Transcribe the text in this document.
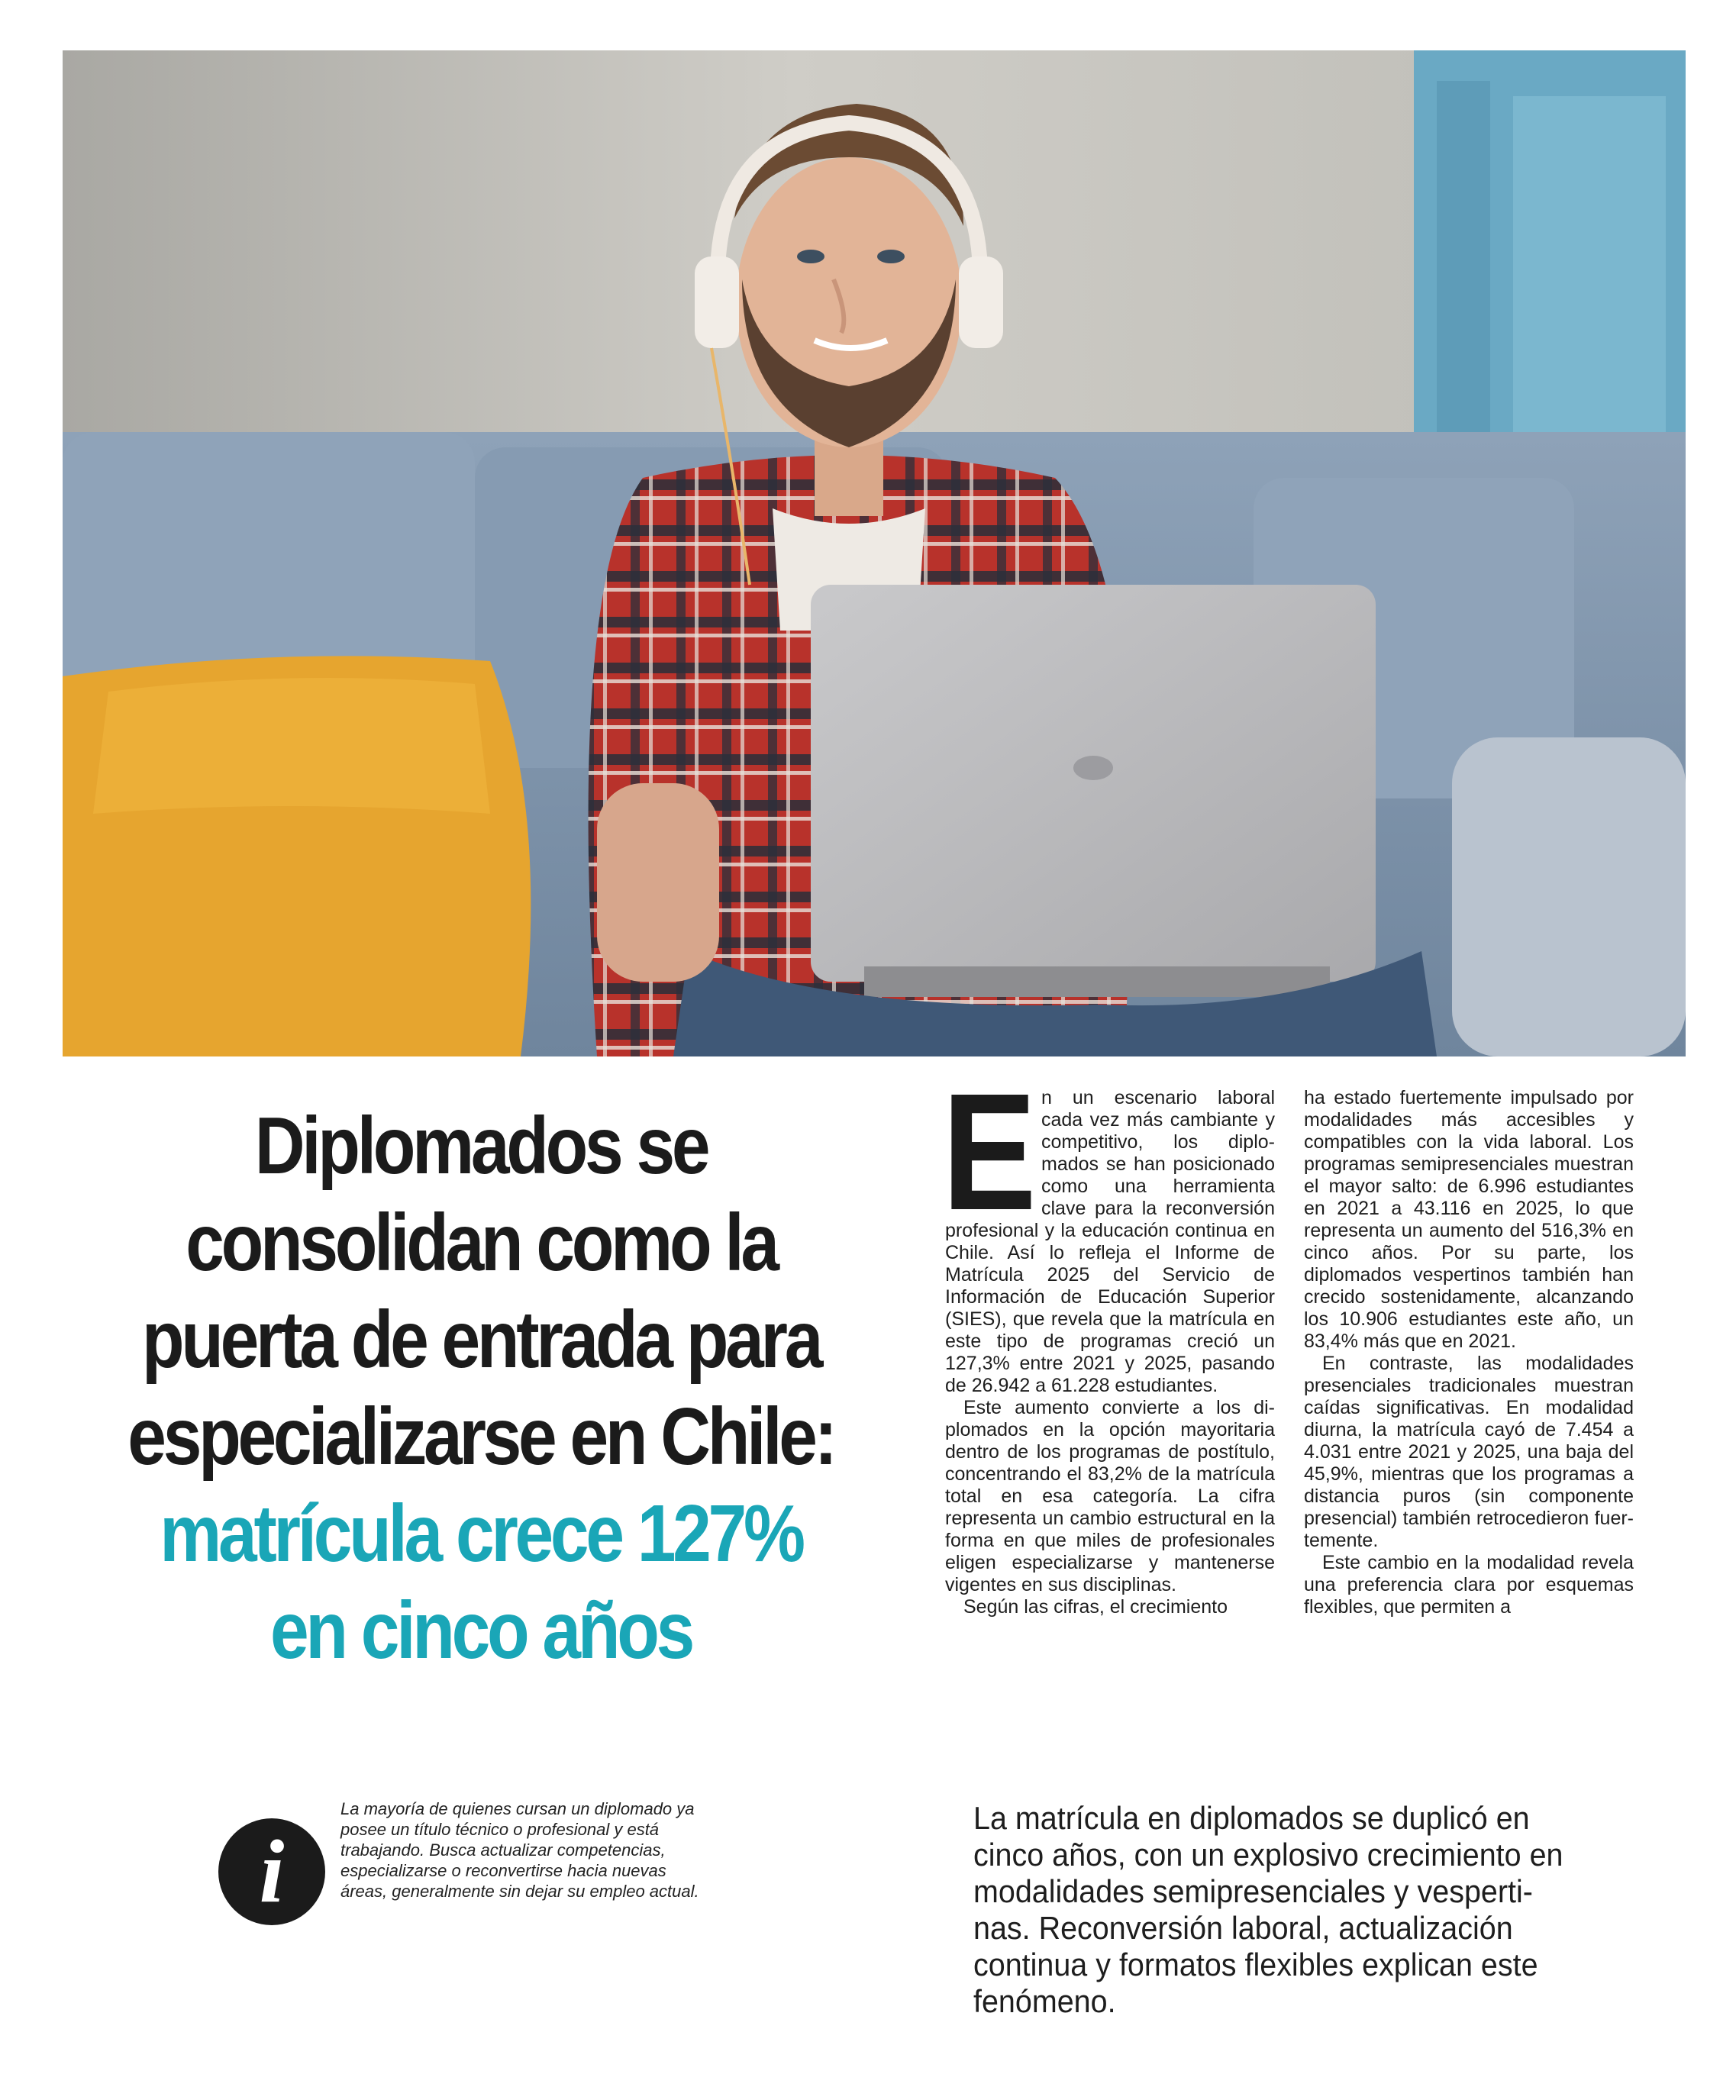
Diplomados se
consolidan como la
puerta de entrada para
especializarse en Chile:
matrícula crece 127%
en cinco años
E n un escenario laboral cada vez más cambiante y competitivo, los diplomados se han posicionado como una herramienta clave para la reconversión profesional y la educación continua en Chile. Así lo refleja el Informe de Matrícula 2025 del Servicio de Información de Educación Superior (SIES), que revela que la matrícula en este tipo de programas creció un 127,3% entre 2021 y 2025, pasando de 26.942 a 61.228 estudiantes.

Este aumento convierte a los diplomados en la opción mayoritaria dentro de los programas de postítulo, concentrando el 83,2% de la matrícula total en esa categoría. La cifra representa un cambio estructural en la forma en que miles de profesionales eligen especializarse y mantenerse vigentes en sus disciplinas.

Según las cifras, el crecimiento

ha estado fuertemente impulsado por modalidades más accesibles y compatibles con la vida laboral. Los programas semipresenciales muestran el mayor salto: de 6.996 estudiantes en 2021 a 43.116 en 2025, lo que representa un aumento del 516,3% en cinco años. Por su parte, los diplomados vespertinos también han crecido sostenidamente, alcanzando los 10.906 estudiantes este año, un 83,4% más que en 2021.

En contraste, las modalidades presenciales tradicionales muestran caídas significativas. En modalidad diurna, la matrícula cayó de 7.454 a 4.031 entre 2021 y 2025, una baja del 45,9%, mientras que los programas a distancia puros (sin componente presencial) también retrocedieron fuertemente.

Este cambio en la modalidad revela una preferencia clara por esquemas flexibles, que permiten a

i

La mayoría de quienes cursan un diplomado ya posee un título técnico o profesional y está trabajando. Busca actualizar competencias, especializarse o reconvertirse hacia nuevas áreas, generalmente sin dejar su empleo actual.

La matrícula en diplomados se duplicó en cinco años, con un explosivo crecimiento en modalidades semipresenciales y vespertinas. Reconversión laboral, actualización continua y formatos flexibles explican este fenómeno.
